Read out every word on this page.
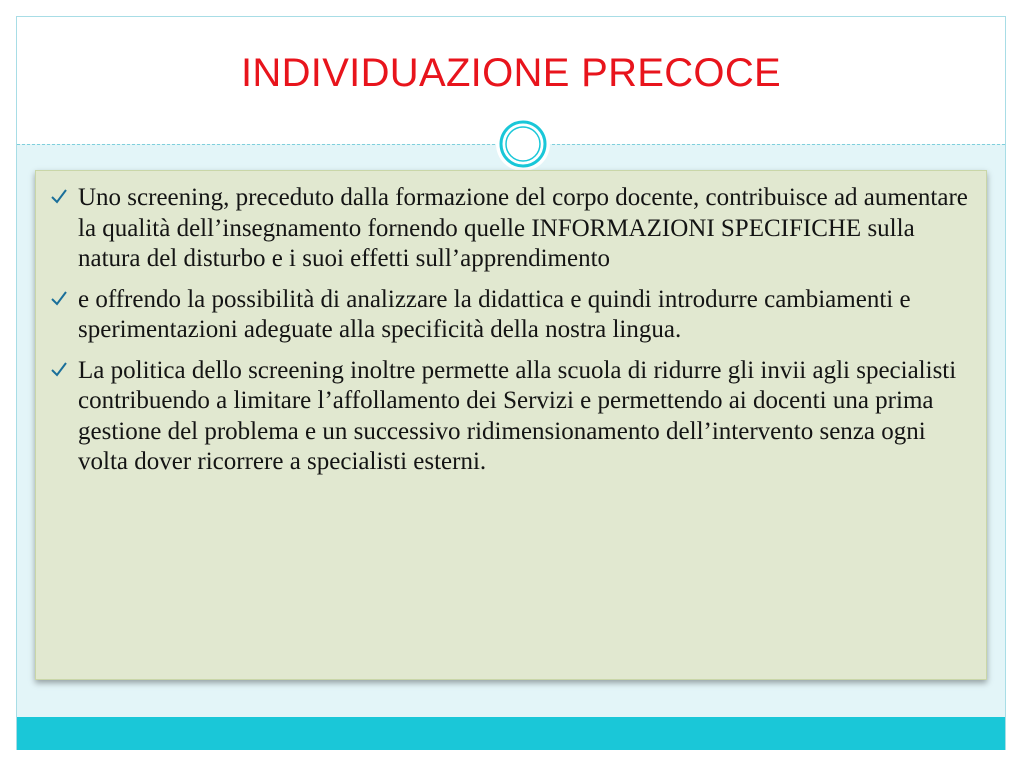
INDIVIDUAZIONE PRECOCE
Uno screening, preceduto dalla formazione del corpo docente, contribuisce ad aumentare la qualità dell’insegnamento fornendo quelle INFORMAZIONI SPECIFICHE sulla natura del disturbo e i suoi effetti sull’apprendimento
e offrendo la possibilità di analizzare la didattica e quindi introdurre cambiamenti e sperimentazioni adeguate alla specificità della nostra lingua.
La politica dello screening inoltre permette alla scuola di ridurre gli invii agli specialisti contribuendo a limitare l’affollamento dei Servizi e permettendo ai docenti una prima gestione del problema e un successivo ridimensionamento dell’intervento senza ogni volta dover ricorrere a specialisti esterni.
